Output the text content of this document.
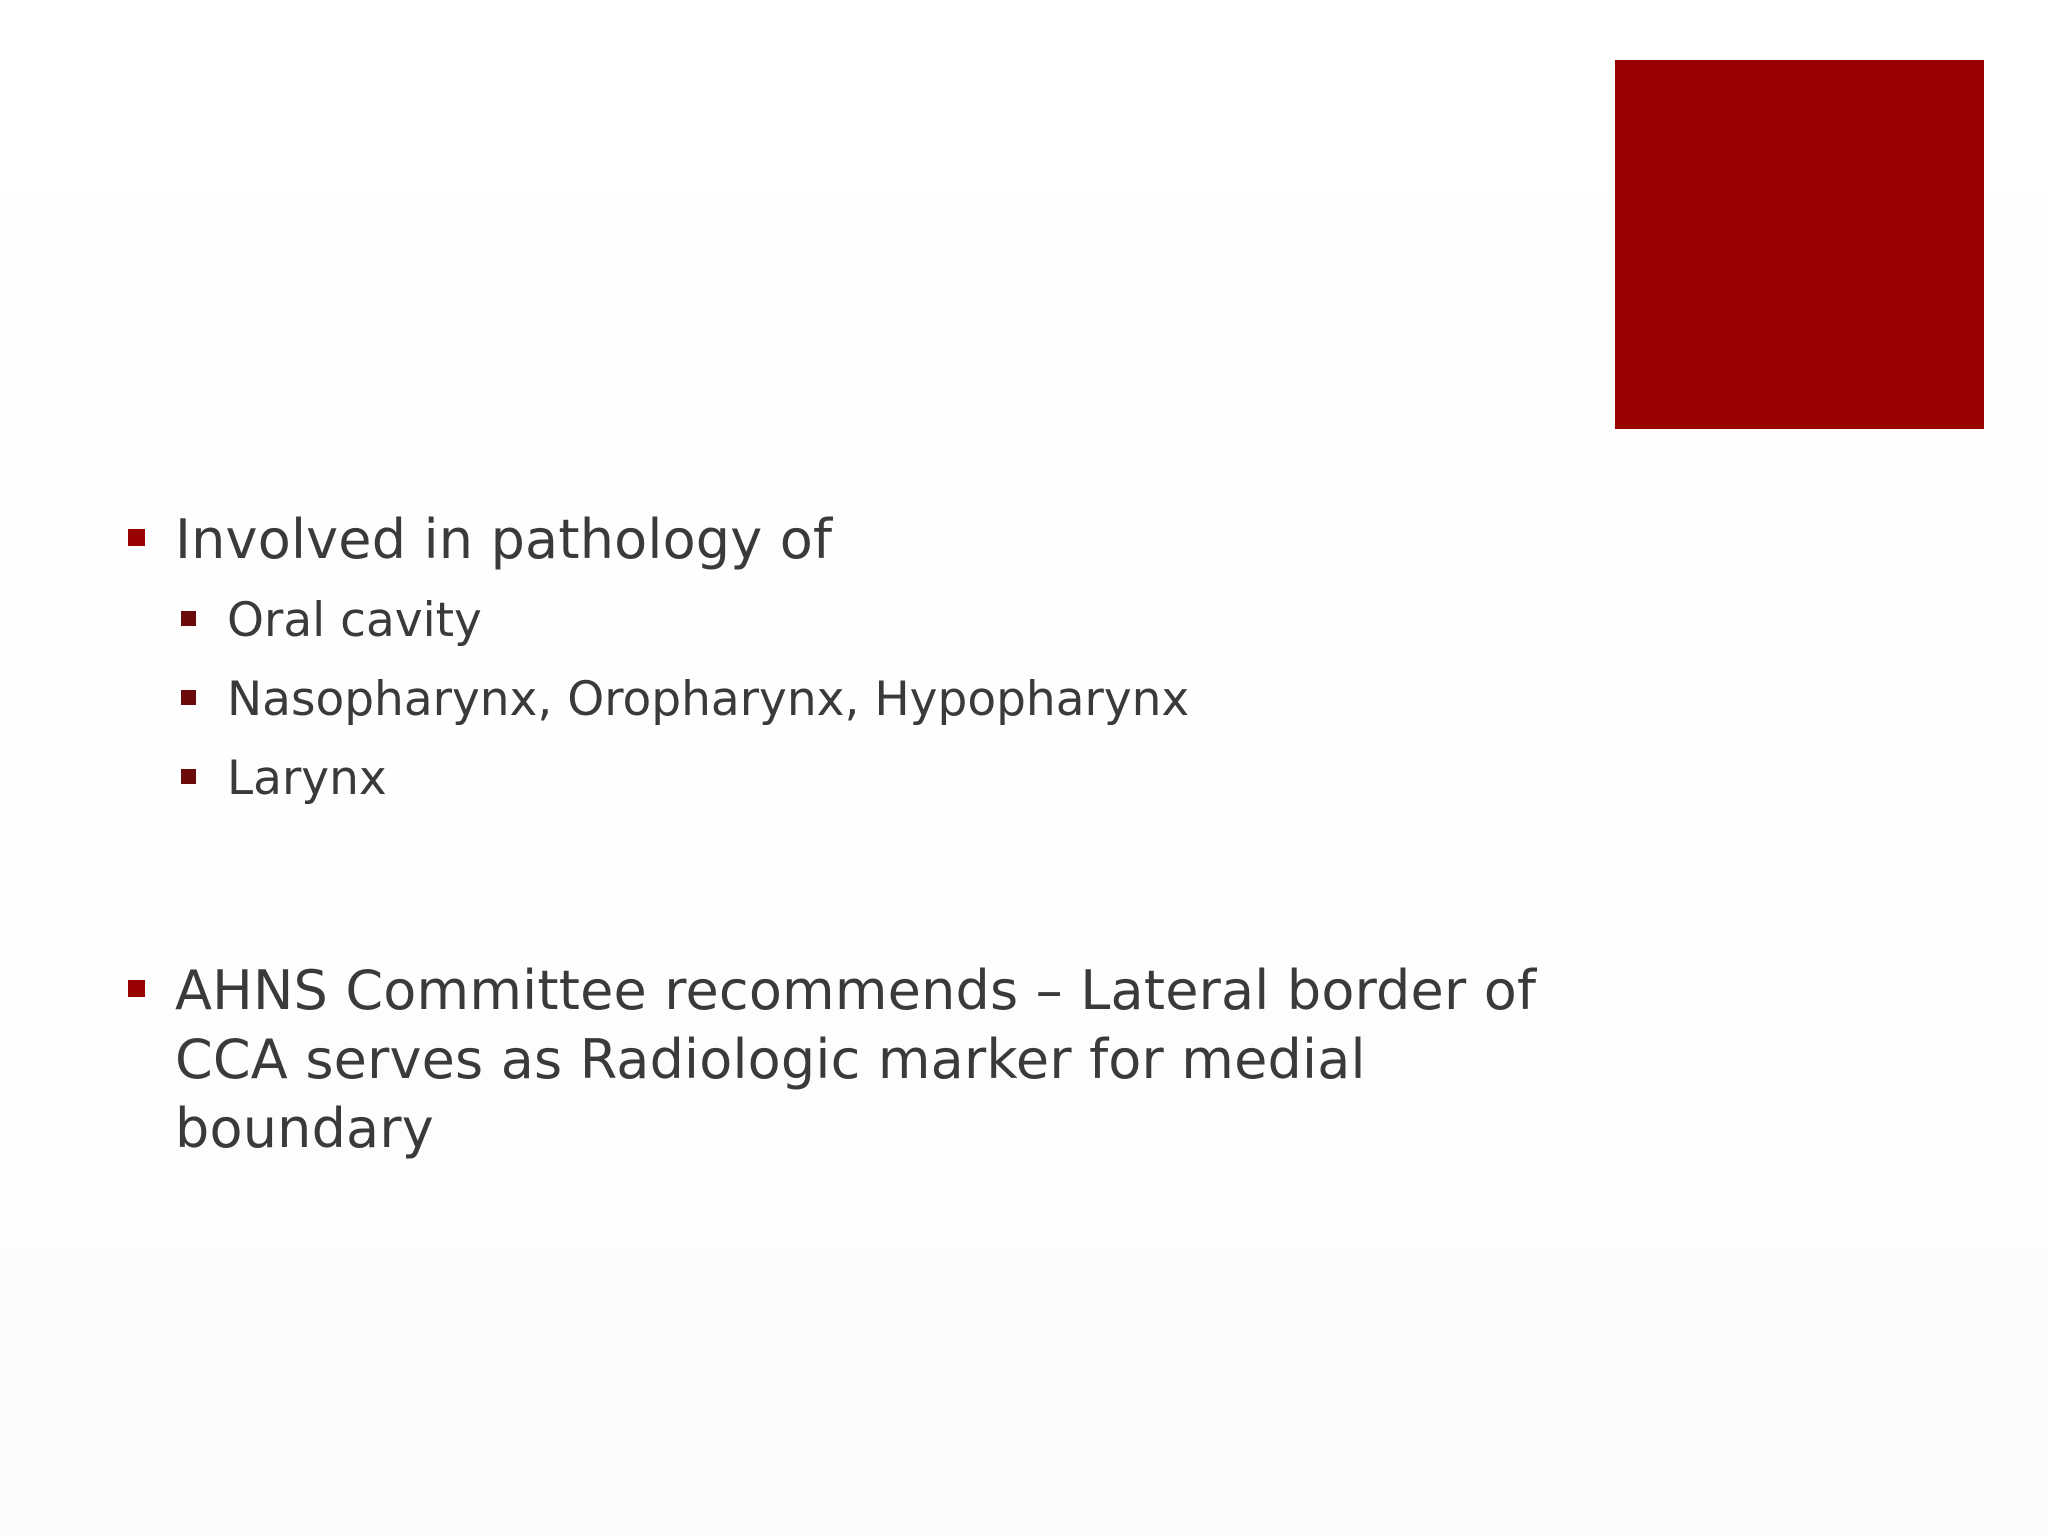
Involved in pathology of
Oral cavity
Nasopharynx, Oropharynx, Hypopharynx
Larynx
AHNS Committee recommends – Lateral border of CCA serves as Radiologic marker for medial boundary
